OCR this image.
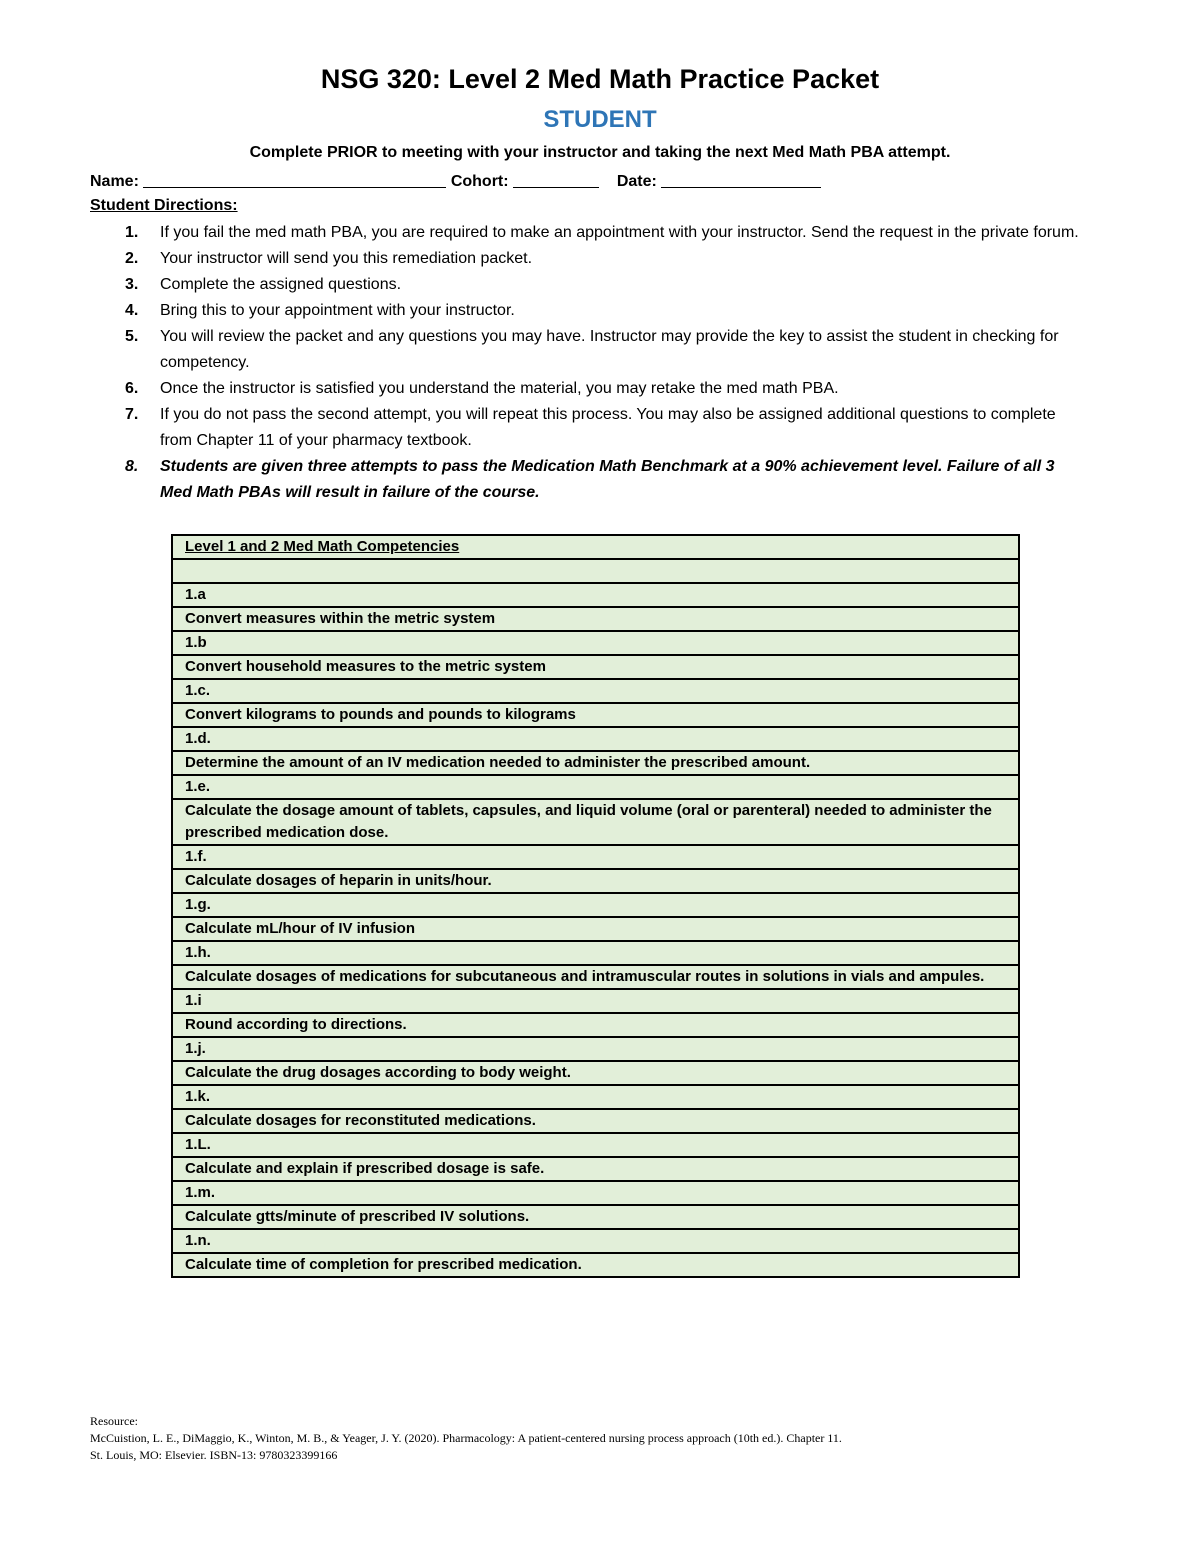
NSG 320: Level 2 Med Math Practice Packet
STUDENT
Complete PRIOR to meeting with your instructor and taking the next Med Math PBA attempt.
Name:	Cohort:	Date:
Student Directions:
1. If you fail the med math PBA, you are required to make an appointment with your instructor. Send the request in the private forum.
2. Your instructor will send you this remediation packet.
3. Complete the assigned questions.
4. Bring this to your appointment with your instructor.
5. You will review the packet and any questions you may have. Instructor may provide the key to assist the student in checking for competency.
6. Once the instructor is satisfied you understand the material, you may retake the med math PBA.
7. If you do not pass the second attempt, you will repeat this process. You may also be assigned additional questions to complete from Chapter 11 of your pharmacy textbook.
8. Students are given three attempts to pass the Medication Math Benchmark at a 90% achievement level. Failure of all 3 Med Math PBAs will result in failure of the course.
Level 1 and 2 Med Math Competencies

1.a
Convert measures within the metric system
1.b
Convert household measures to the metric system
1.c.
Convert kilograms to pounds and pounds to kilograms
1.d.
Determine the amount of an IV medication needed to administer the prescribed amount.
1.e.
Calculate the dosage amount of tablets, capsules, and liquid volume (oral or parenteral) needed to administer the prescribed medication dose.
1.f.
Calculate dosages of heparin in units/hour.
1.g.
Calculate mL/hour of IV infusion
1.h.
Calculate dosages of medications for subcutaneous and intramuscular routes in solutions in vials and ampules.
1.i
Round according to directions.
1.j.
Calculate the drug dosages according to body weight.
1.k.
Calculate dosages for reconstituted medications.
1.L.
Calculate and explain if prescribed dosage is safe.
1.m.
Calculate gtts/minute of prescribed IV solutions.
1.n.
Calculate time of completion for prescribed medication.
Resource:
McCuistion, L. E., DiMaggio, K., Winton, M. B., & Yeager, J. Y. (2020). Pharmacology: A patient-centered nursing process approach (10th ed.). Chapter 11.
St. Louis, MO: Elsevier. ISBN-13: 9780323399166
